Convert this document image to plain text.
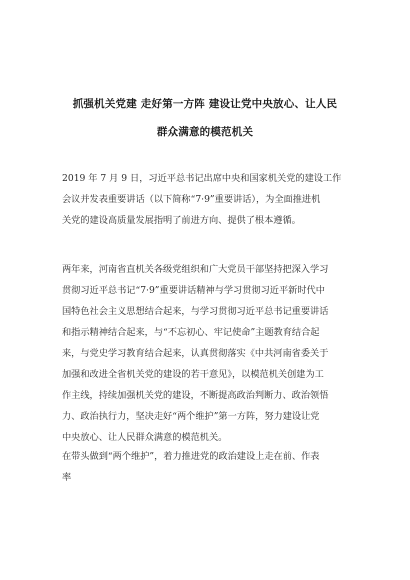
抓强机关党建 走好第一方阵 建设让党中央放心、让人民
群众满意的模范机关
2019 年 7 月 9 日，习近平总书记出席中央和国家机关党的建设工作
会议并发表重要讲话（以下简称“7·9”重要讲话），为全面推进机
关党的建设高质量发展指明了前进方向、提供了根本遵循。
两年来，河南省直机关各级党组织和广大党员干部坚持把深入学习
贯彻习近平总书记“7·9”重要讲话精神与学习贯彻习近平新时代中
国特色社会主义思想结合起来，与学习贯彻习近平总书记重要讲话
和指示精神结合起来，与“不忘初心、牢记使命”主题教育结合起
来，与党史学习教育结合起来，认真贯彻落实《中共河南省委关于
加强和改进全省机关党的建设的若干意见》，以模范机关创建为工
作主线，持续加强机关党的建设，不断提高政治判断力、政治领悟
力、政治执行力，坚决走好“两个维护”第一方阵，努力建设让党
中央放心、让人民群众满意的模范机关。
在带头做到“两个维护”，着力推进党的政治建设上走在前、作表
率
